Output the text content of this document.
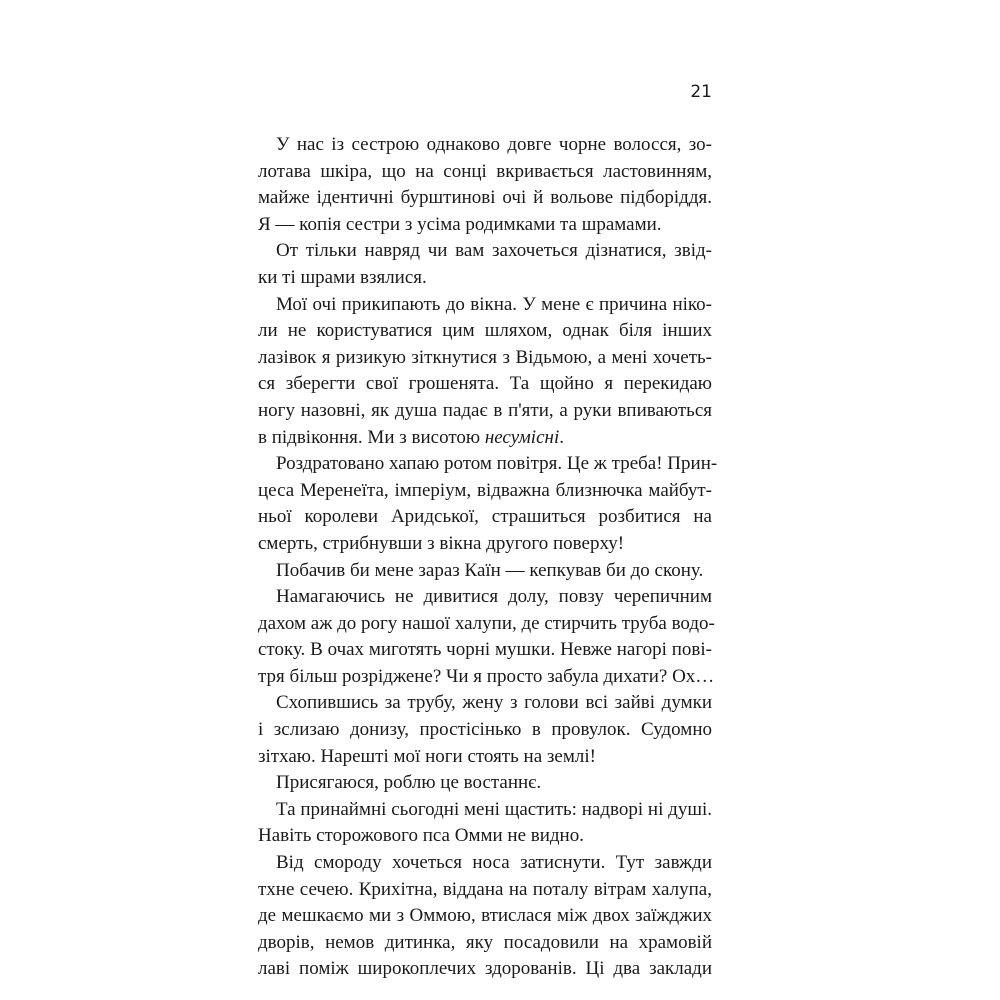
21
У нас із сестрою однаково довге чорне волосся, зо-
лотава шкіра, що на сонці вкривається ластовинням,
майже ідентичні бурштинові очі й вольове підборіддя.
Я — копія сестри з усіма родимками та шрамами.
От тільки навряд чи вам захочеться дізнатися, звід-
ки ті шрами взялися.
Мої очі прикипають до вікна. У мене є причина ніко-
ли не користуватися цим шляхом, однак біля інших
лазівок я ризикую зіткнутися з Відьмою, а мені хочеть-
ся зберегти свої грошенята. Та щойно я перекидаю
ногу назовні, як душа падає в п'яти, а руки впиваються
в підвіконня. Ми з висотою несумісні.
Роздратовано хапаю ротом повітря. Це ж треба! Прин-
цеса Меренеїта, імперіум, відважна близнючка майбут-
ньої королеви Аридської, страшиться розбитися на
смерть, стрибнувши з вікна другого поверху!
Побачив би мене зараз Каїн — кепкував би до скону.
Намагаючись не дивитися долу, повзу черепичним
дахом аж до рогу нашої халупи, де стирчить труба водо-
стоку. В очах миготять чорні мушки. Невже нагорі пові-
тря більш розріджене? Чи я просто забула дихати? Ох…
Схопившись за трубу, жену з голови всі зайві думки
і зслизаю донизу, простісінько в провулок. Судомно
зітхаю. Нарешті мої ноги стоять на землі!
Присягаюся, роблю це востаннє.
Та принаймні сьогодні мені щастить: надворі ні душі.
Навіть сторожового пса Омми не видно.
Від смороду хочеться носа затиснути. Тут завжди
тхне сечею. Крихітна, віддана на поталу вітрам халупа,
де мешкаємо ми з Оммою, втислася між двох заїжджих
дворів, немов дитинка, яку посадовили на храмовій
лаві поміж широкоплечих здорованів. Ці два заклади
